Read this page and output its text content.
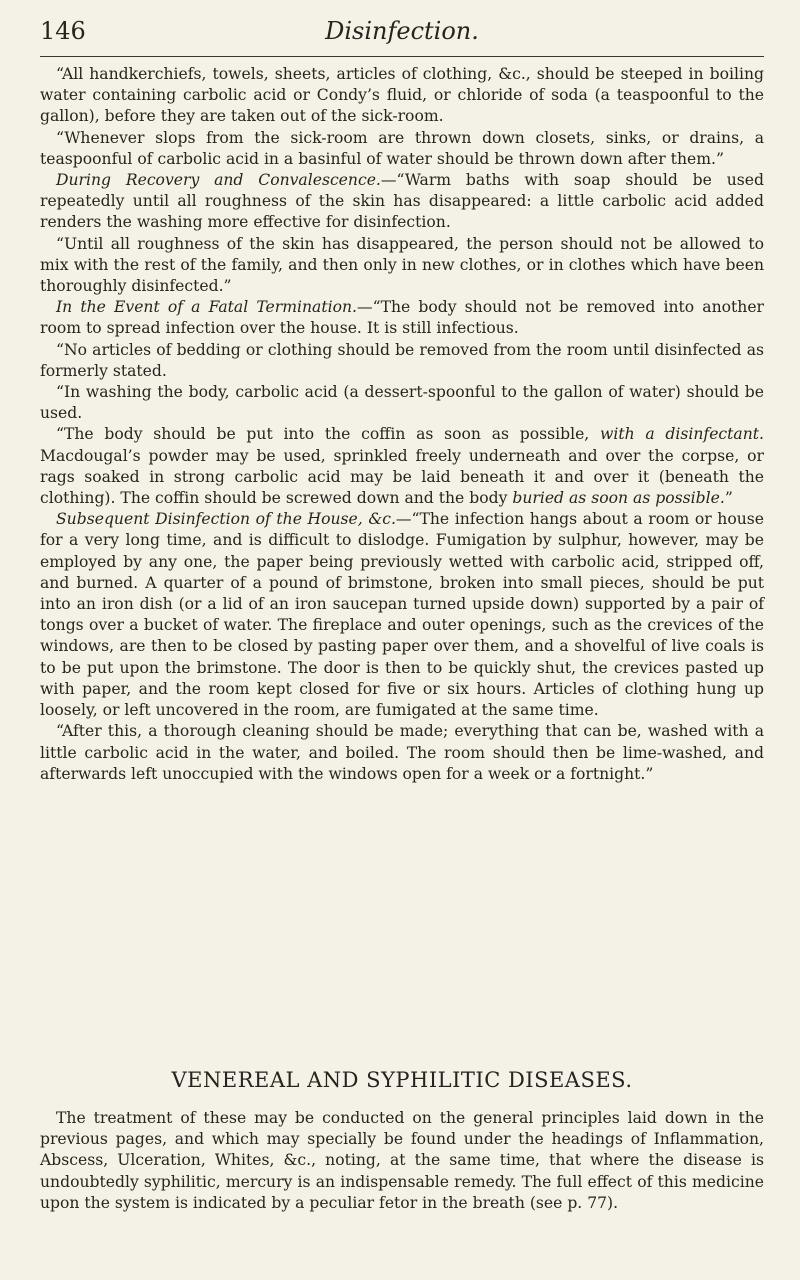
146	Disinfection.

“All handkerchiefs, towels, sheets, articles of clothing, &c., should be steeped in boiling water containing carbolic acid or Condy’s fluid, or chloride of soda (a teaspoonful to the gallon), before they are taken out of the sick-room.

“Whenever slops from the sick-room are thrown down closets, sinks, or drains, a teaspoonful of carbolic acid in a basinful of water should be thrown down after them.”

During Recovery and Convalescence.—“Warm baths with soap should be used repeatedly until all roughness of the skin has disappeared: a little carbolic acid added renders the washing more effective for disinfection.

“Until all roughness of the skin has disappeared, the person should not be allowed to mix with the rest of the family, and then only in new clothes, or in clothes which have been thoroughly disinfected.”

In the Event of a Fatal Termination.—“The body should not be removed into another room to spread infection over the house. It is still infectious.

“No articles of bedding or clothing should be removed from the room until disinfected as formerly stated.

“In washing the body, carbolic acid (a dessert-spoonful to the gallon of water) should be used.

“The body should be put into the coffin as soon as possible, with a disinfectant. Macdougal’s powder may be used, sprinkled freely underneath and over the corpse, or rags soaked in strong carbolic acid may be laid beneath it and over it (beneath the clothing). The coffin should be screwed down and the body buried as soon as possible.”

Subsequent Disinfection of the House, &c.—“The infection hangs about a room or house for a very long time, and is difficult to dislodge. Fumigation by sulphur, however, may be employed by any one, the paper being previously wetted with carbolic acid, stripped off, and burned. A quarter of a pound of brimstone, broken into small pieces, should be put into an iron dish (or a lid of an iron saucepan turned upside down) supported by a pair of tongs over a bucket of water. The fireplace and outer openings, such as the crevices of the windows, are then to be closed by pasting paper over them, and a shovelful of live coals is to be put upon the brimstone. The door is then to be quickly shut, the crevices pasted up with paper, and the room kept closed for five or six hours. Articles of clothing hung up loosely, or left uncovered in the room, are fumigated at the same time.

“After this, a thorough cleaning should be made; everything that can be, washed with a little carbolic acid in the water, and boiled. The room should then be lime-washed, and afterwards left unoccupied with the windows open for a week or a fortnight.”

VENEREAL AND SYPHILITIC DISEASES.

The treatment of these may be conducted on the general principles laid down in the previous pages, and which may specially be found under the headings of Inflammation, Abscess, Ulceration, Whites, &c., noting, at the same time, that where the disease is undoubtedly syphilitic, mercury is an indispensable remedy. The full effect of this medicine upon the system is indicated by a peculiar fetor in the breath (see p. 77).
